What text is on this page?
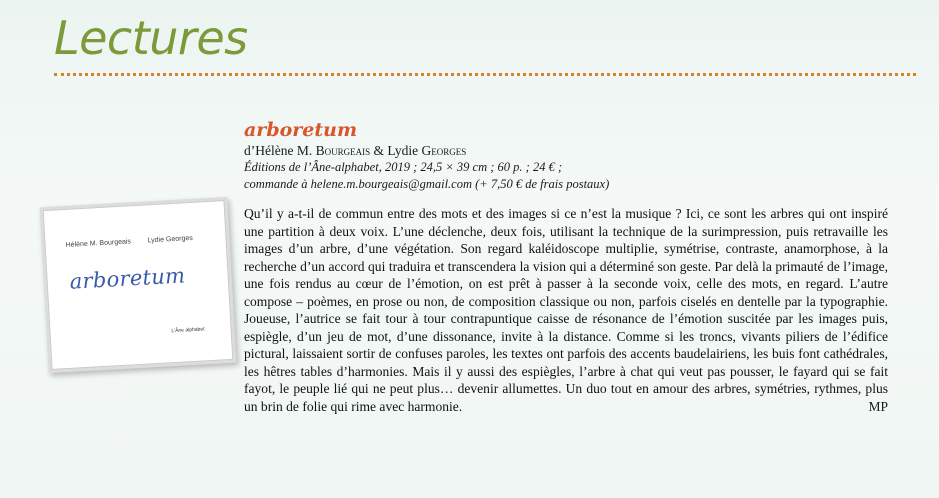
Lectures
Hélène M. Bourgeais Lydie Georges
arboretum
L'Âne alphabet
arboretum
d’Hélène M. Bourgeais & Lydie Georges
Éditions de l’Âne-alphabet, 2019 ; 24,5 × 39 cm ; 60 p. ; 24 € ;
commande à helene.m.bourgeais@gmail.com (+ 7,50 € de frais postaux)

Qu’il y a-t-il de commun entre des mots et des images si ce n’est la musique ? Ici, ce sont les arbres qui ont inspiré une partition à deux voix. L’une déclenche, deux fois, utilisant la technique de la surimpression, puis retravaille les images d’un arbre, d’une végétation. Son regard kaléidoscope multiplie, symétrise, contraste, anamorphose, à la recherche d’un accord qui traduira et transcendera la vision qui a déterminé son geste. Par delà la primauté de l’image, une fois rendus au cœur de l’émotion, on est prêt à passer à la seconde voix, celle des mots, en regard. L’autre compose – poèmes, en prose ou non, de composition classique ou non, parfois ciselés en dentelle par la typographie. Joueuse, l’autrice se fait tour à tour contrapuntique caisse de résonance de l’émotion suscitée par les images puis, espiègle, d’un jeu de mot, d’une dissonance, invite à la distance. Comme si les troncs, vivants piliers de l’édifice pictural, laissaient sortir de confuses paroles, les textes ont parfois des accents baudelairiens, les buis font cathédrales, les hêtres tables d’harmonies. Mais il y aussi des espiègles, l’arbre à chat qui veut pas pousser, le fayard qui se fait fayot, le peuple lié qui ne peut plus… devenir allumettes. Un duo tout en amour des arbres, symétries, rythmes, plus un brin de folie qui rime avec harmonie.	MP
